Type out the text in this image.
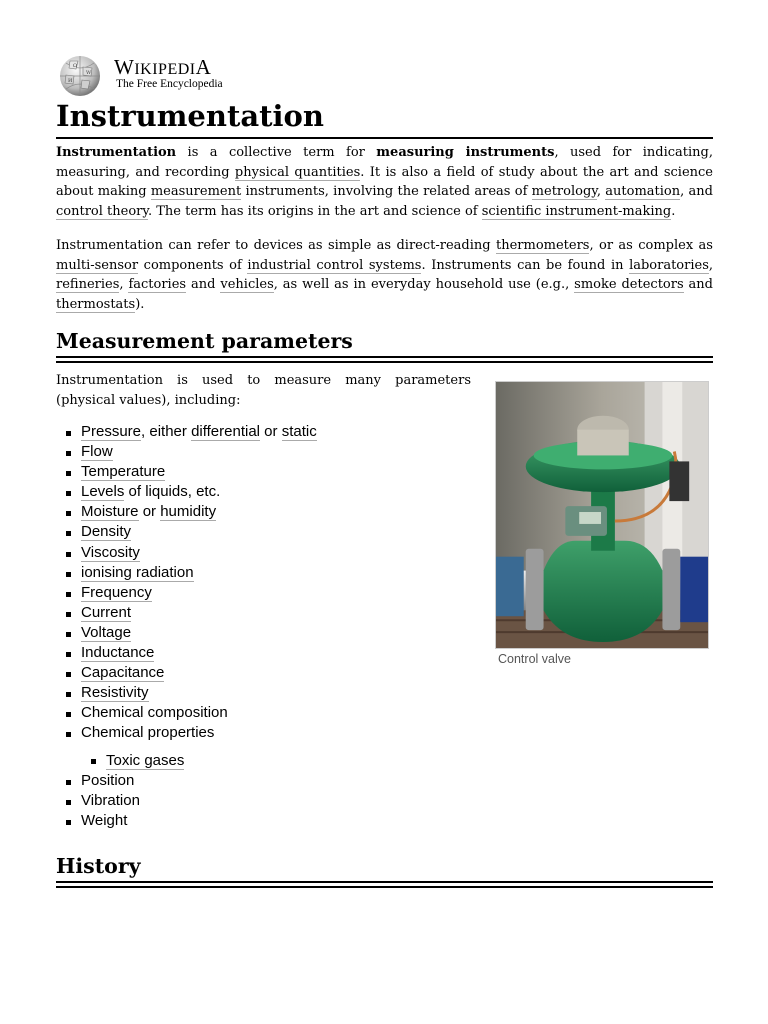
Ω
W
И
WIKIPEDIA
The Free Encyclopedia
Instrumentation

Instrumentation is a collective term for measuring instruments, used for indicating, measuring, and recording physical quantities. It is also a field of study about the art and science about making measurement instruments, involving the related areas of metrology, automation, and control theory. The term has its origins in the art and science of scientific instrument-making.

Instrumentation can refer to devices as simple as direct-reading thermometers, or as complex as multi-sensor components of industrial control systems. Instruments can be found in laboratories, refineries, factories and vehicles, as well as in everyday household use (e.g., smoke detectors and thermostats).

Measurement parameters

Instrumentation is used to measure many parameters (physical values), including:

Pressure, either differential or static
Flow
Temperature
Levels of liquids, etc.
Moisture or humidity
Density
Viscosity
ionising radiation
Frequency
Current
Voltage
Inductance
Capacitance
Resistivity
Chemical composition
Chemical properties
Toxic gases
Position
Vibration
Weight
Control valve
History
